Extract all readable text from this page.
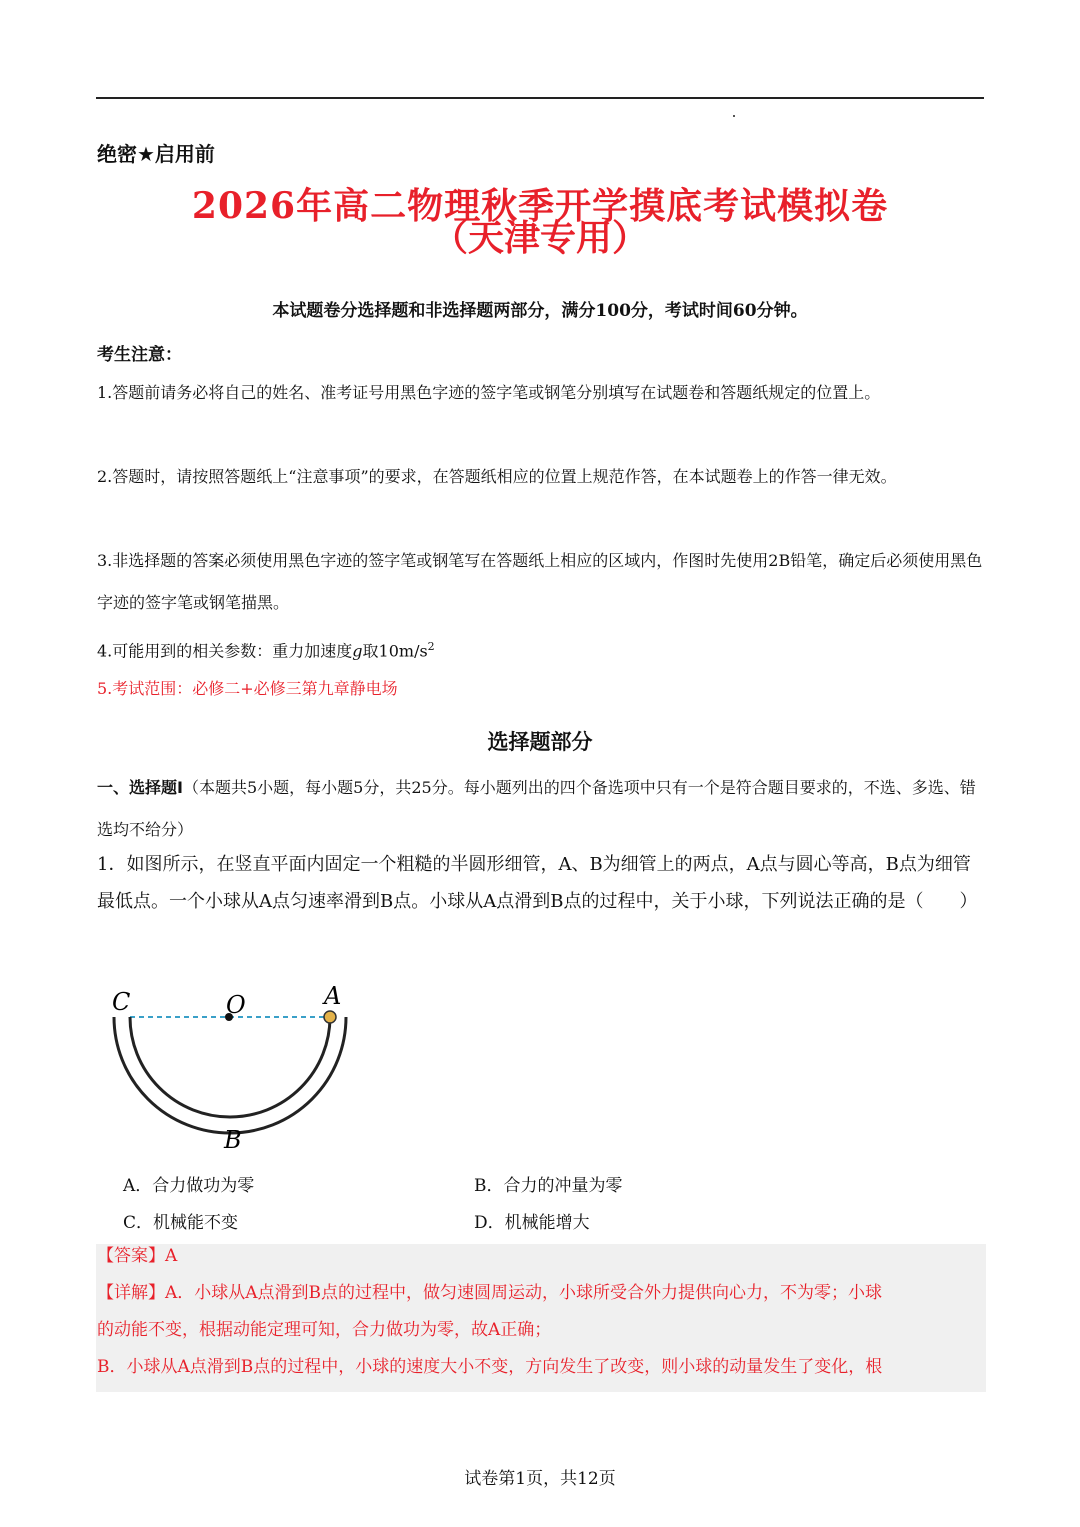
绝密★启用前
2026年高二物理秋季开学摸底考试模拟卷
（天津专用）
本试题卷分选择题和非选择题两部分，满分100分，考试时间60分钟。
考生注意：
1.答题前请务必将自己的姓名、准考证号用黑色字迹的签字笔或钢笔分别填写在试题卷和答题纸规定的位置上。
2.答题时，请按照答题纸上“注意事项”的要求，在答题纸相应的位置上规范作答，在本试题卷上的作答一律无效。
3.非选择题的答案必须使用黑色字迹的签字笔或钢笔写在答题纸上相应的区域内，作图时先使用2B铅笔，确定后必须使用黑色字迹的签字笔或钢笔描黑。
4.可能用到的相关参数：重力加速度g取$10m/s^2$
5.考试范围：必修二+必修三第九章静电场
选择题部分
一、选择题Ⅰ（本题共5小题，每小题5分，共25分。每小题列出的四个备选项中只有一个是符合题目要求的，不选、多选、错选均不给分）
1．如图所示，在竖直平面内固定一个粗糙的半圆形细管，A、B为细管上的两点，A点与圆心等高，B点为细管最低点。一个小球从A点匀速率滑到B点。小球从A点滑到B点的过程中，关于小球，下列说法正确的是（　　）
C	O	A
B
A．合力做功为零	B．合力的冲量为零
C．机械能不变	D．机械能增大
【答案】A
【详解】A．小球从A点滑到B点的过程中，做匀速圆周运动，小球所受合外力提供向心力，不为零；小球
的动能不变，根据动能定理可知，合力做功为零，故A正确；
B．小球从A点滑到B点的过程中，小球的速度大小不变，方向发生了改变，则小球的动量发生了变化，根
试卷第1页，共12页
